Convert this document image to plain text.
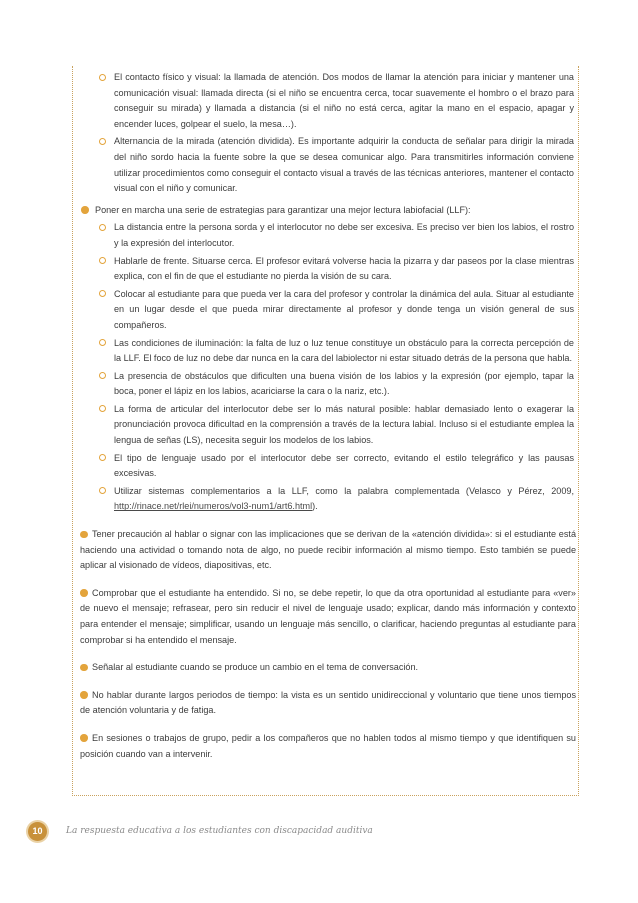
El contacto físico y visual: la llamada de atención. Dos modos de llamar la atención para iniciar y mantener una comunicación visual: llamada directa (si el niño se encuentra cerca, tocar suavemente el hombro o el brazo para conseguir su mirada) y llamada a distancia (si el niño no está cerca, agitar la mano en el espacio, apagar y encender luces, golpear el suelo, la mesa…).
Alternancia de la mirada (atención dividida). Es importante adquirir la conducta de señalar para dirigir la mirada del niño sordo hacia la fuente sobre la que se desea comunicar algo. Para transmitirles información conviene utilizar procedimientos como conseguir el contacto visual a través de las técnicas anteriores, mantener el contacto visual con el niño y comunicar.
Poner en marcha una serie de estrategias para garantizar una mejor lectura labiofacial (LLF):
La distancia entre la persona sorda y el interlocutor no debe ser excesiva. Es preciso ver bien los labios, el rostro y la expresión del interlocutor.
Hablarle de frente. Situarse cerca. El profesor evitará volverse hacia la pizarra y dar paseos por la clase mientras explica, con el fin de que el estudiante no pierda la visión de su cara.
Colocar al estudiante para que pueda ver la cara del profesor y controlar la dinámica del aula. Situar al estudiante en un lugar desde el que pueda mirar directamente al profesor y donde tenga un visión general de sus compañeros.
Las condiciones de iluminación: la falta de luz o luz tenue constituye un obstáculo para la correcta percepción de la LLF. El foco de luz no debe dar nunca en la cara del labiolector ni estar situado detrás de la persona que habla.
La presencia de obstáculos que dificulten una buena visión de los labios y la expresión (por ejemplo, tapar la boca, poner el lápiz en los labios, acariciarse la cara o la nariz, etc.).
La forma de articular del interlocutor debe ser lo más natural posible: hablar demasiado lento o exagerar la pronunciación provoca dificultad en la comprensión a través de la lectura labial. Incluso si el estudiante emplea la lengua de señas (LS), necesita seguir los modelos de los labios.
El tipo de lenguaje usado por el interlocutor debe ser correcto, evitando el estilo telegráfico y las pausas excesivas.
Utilizar sistemas complementarios a la LLF, como la palabra complementada (Velasco y Pérez, 2009, http://rinace.net/rlei/numeros/vol3-num1/art6.html).

Tener precaución al hablar o signar con las implicaciones que se derivan de la «atención dividida»: si el estudiante está haciendo una actividad o tomando nota de algo, no puede recibir información al mismo tiempo. Esto también se puede aplicar al visionado de vídeos, diapositivas, etc.

Comprobar que el estudiante ha entendido. Si no, se debe repetir, lo que da otra oportunidad al estudiante para «ver» de nuevo el mensaje; refrasear, pero sin reducir el nivel de lenguaje usado; explicar, dando más información y contexto para entender el mensaje; simplificar, usando un lenguaje más sencillo, o clarificar, haciendo preguntas al estudiante para comprobar si ha entendido el mensaje.

Señalar al estudiante cuando se produce un cambio en el tema de conversación.

No hablar durante largos periodos de tiempo: la vista es un sentido unidireccional y voluntario que tiene unos tiempos de atención voluntaria y de fatiga.

En sesiones o trabajos de grupo, pedir a los compañeros que no hablen todos al mismo tiempo y que identifiquen su posición cuando van a intervenir.

10	La respuesta educativa a los estudiantes con discapacidad auditiva
